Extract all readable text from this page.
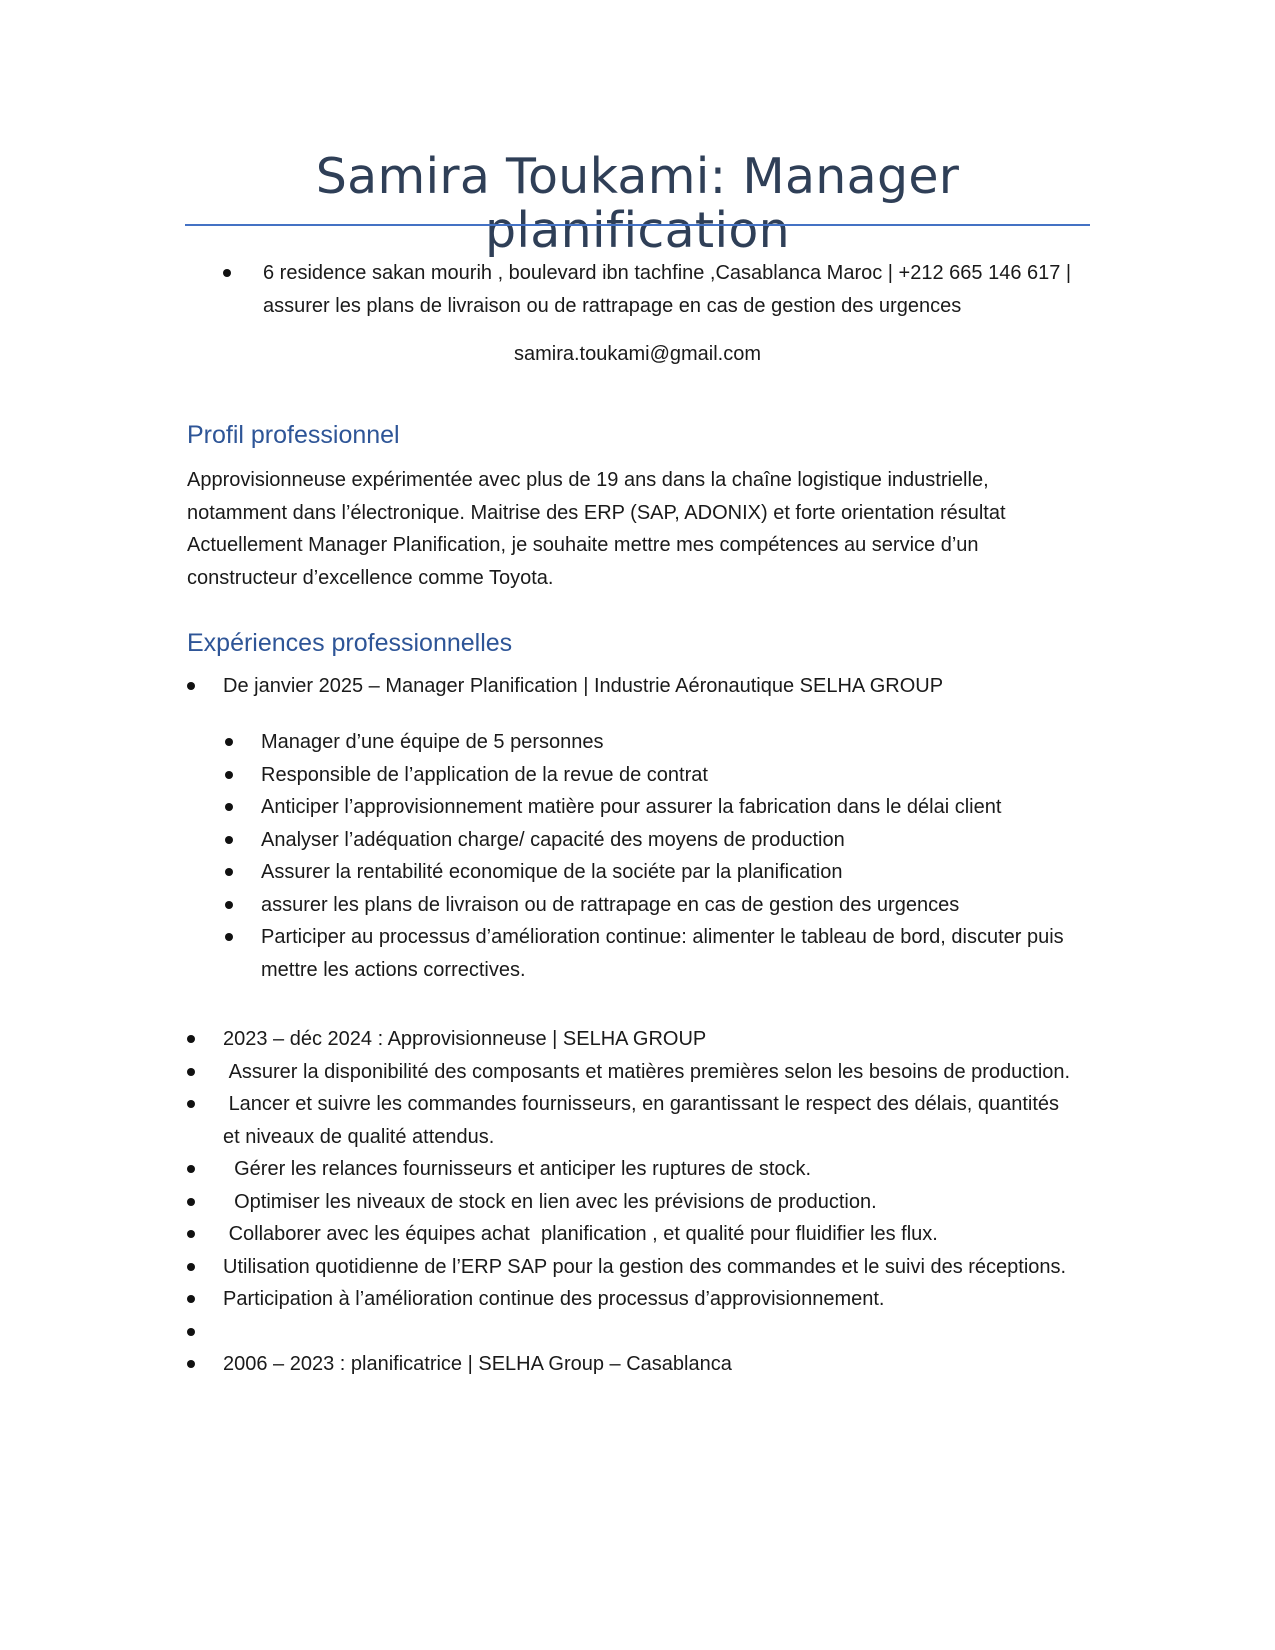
Samira Toukami: Manager planification
6 residence sakan mourih , boulevard ibn tachfine ,Casablanca Maroc | +212 665 146 617 | assurer les plans de livraison ou de rattrapage en cas de gestion des urgences
samira.toukami@gmail.com
Profil professionnel

Approvisionneuse expérimentée avec plus de 19 ans dans la chaîne logistique industrielle,

notamment dans l’électronique. Maitrise des ERP (SAP, ADONIX) et forte orientation résultat

Actuellement Manager Planification, je souhaite mettre mes compétences au service d’un

constructeur d’excellence comme Toyota.

Expériences professionnelles
De janvier 2025 – Manager Planification | Industrie Aéronautique SELHA GROUP
Manager d’une équipe de 5 personnes
Responsible de l’application de la revue de contrat
Anticiper l’approvisionnement matière pour assurer la fabrication dans le délai client
Analyser l’adéquation charge/ capacité des moyens de production
Assurer la rentabilité economique de la sociéte par la planification
assurer les plans de livraison ou de rattrapage en cas de gestion des urgences
Participer au processus d’amélioration continue: alimenter le tableau de bord, discuter puis mettre les actions correctives.
2023 – déc 2024 : Approvisionneuse | SELHA GROUP
Assurer la disponibilité des composants et matières premières selon les besoins de production.
Lancer et suivre les commandes fournisseurs, en garantissant le respect des délais, quantités et niveaux de qualité attendus.
Gérer les relances fournisseurs et anticiper les ruptures de stock.
Optimiser les niveaux de stock en lien avec les prévisions de production.
Collaborer avec les équipes achat  planification , et qualité pour fluidifier les flux.
Utilisation quotidienne de l’ERP SAP pour la gestion des commandes et le suivi des réceptions.
Participation à l’amélioration continue des processus d’approvisionnement.
2006 – 2023 : planificatrice | SELHA Group – Casablanca
